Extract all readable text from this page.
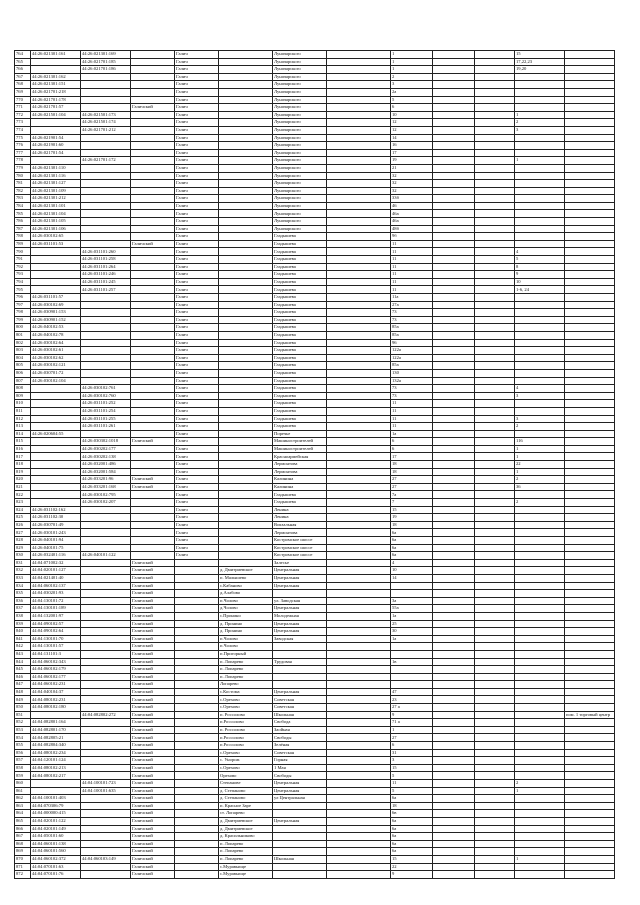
764	44:26:021301:161	44:26:021301:169		Галич		Луначарского		1			15	
765		44:26:021701:185		Галич		Луначарского		1			17,22,23	
766		44:26:021701:186		Галич		Луначарского		1			19,20	
767	44:26:021301:162			Галич		Луначарского		2				
768	44:26:021301:151			Галич		Луначарского		3				
769	44:26:021701:218			Галич		Луначарского		2а				
770	44:26:021701:178			Галич		Луначарского		5				
771	44:26:021701:57		Галичский	Галич		Луначарского		6				
772	44:26:021501:104	44:26:021501:173		Галич		Луначарского		10			1	
773		44:26:021501:174		Галич		Луначарского		12			2	
774		44:26:021701:212		Галич		Луначарского		12			3	
775	44:26:021901:54			Галич		Луначарского		14				
776	44:26:021901:60			Галич		Луначарского		16				
777	44:26:021701:54			Галич		Луначарского		17				
778		44:26:021701:172		Галич		Луначарского		19			1	
779	44:26:021301:110			Галич		Луначарского		21				
780	44:26:021301:116			Галич		Луначарского		32				
781	44:26:021301:127			Галич		Луначарского		32				
782	44:26:021301:109			Галич		Луначарского		32				
783	44:26:021301:212			Галич		Луначарского		33б				
784	44:26:021301:101			Галич		Луначарского		46				
785	44:26:021301:104			Галич		Луначарского		46а				
786	44:26:021301:105			Галич		Луначарского		46а				
787	44:26:021301:106			Галич		Луначарского		48б				
788	44:26:030102:65			Галич		Гладышева		9б				
789	44:26:031101:53		Галичский	Галич		Гладышева		11				
790		44:26:031101:260		Галич		Гладышева		11			4	
791		44:26:031101:258		Галич		Гладышева		11			5	
792		44:26:031101:264		Галич		Гладышева		11			8	
793		44:26:031101:246		Галич		Гладышева		11			9	
794		44:26:031101:245		Галич		Гладышева		11			10	
795		44:26:031101:257		Галич		Гладышева		11			1-6, 24	
796	44:26:031101:57			Галич		Гладышева		11а				
797	44:26:030102:69			Галич		Гладышева		27а				
798	44:26:030901:153			Галич		Гладышева		73				
799	44:26:030901:152			Галич		Гладышева		73				
800	44:26:040102:53			Галич		Гладышева		85а				
801	44:26:040102:78			Галич		Гладышева		85а				
802	44:26:030102:64			Галич		Гладышева		96				
803	44:26:030102:61			Галич		Гладышева		122а				
804	44:26:030102:62			Галич		Гладышева		122а				
805	44:26:030102:121			Галич		Гладышева		85а				
806	44:26:030701:72			Галич		Гладышева		130				
807	44:26:030102:104			Галич		Гладышева		132а				
808		44:26:030102:761		Галич		Гладышева		73			4	
809		44:26:030102:760		Галич		Гладышева		73			3	
810		44:26:031101:252		Галич		Гладышева		11				
811		44:26:031101:254		Галич		Гладышева		11				
812		44:26:031101:255		Галич		Гладышева		11			3	
813		44:26:031101:261		Галич		Гладышева		11			2	
814	44:26:020604:55			Галич		Поречье		1а				
815		44:26:030302:1018	Галичский	Галич		Машиностроителей		6			116	
816		44:26:030202:177		Галич		Машиностроителей		6			1	
817		44:26:030202:138		Галич		Красноармейская		17			1	
818		44:26:032001:486		Галич		Лермонтова		18			22	
819		44:26:032001:584		Галич		Лермонтова		18			1	
820		44:26:033201:96	Галичский	Галич		Калинина		27			2	
821		44:26:033201:168	Галичский	Галич		Калинина		27			36	
822		44:26:030102:795		Галич		Гладышева		7а				
823		44:26:030102:207		Галич		Гладышева		7			2	
824	44:26:031102:162			Галич		Ленина		15				
825	44:26:031102:30			Галич		Ленина		19				
826	44:26:030701:49			Галич		Вокзальная		18				
827	44:26:030101:243			Галич		Лермонтова		6а				
828	44:26:040101:94			Галич		Костромское шоссе		6а				
829	44:26:040101:75			Галич		Костромское шоссе		6а				
830	44:26:032401:116	44:26:040101:122		Галич		Костромское шоссе		6а				
831	44:04:071002:32		Галичский			Залесье		4				
832	44:04:020101:127		Галичский		д. Дмитриевское	Центральная		10				
833	44:04:021401:40		Галичский		п. Малышево	Центральная		14				
834	44:04:060102:137		Галичский		с.Кабаново	Центральная						
835	44:04:030201:93		Галичский		д.Алабово							
836	44:04:130101:72		Галичский		п.Чолово	ул. Заводская		3а				
837	44:04:130101:189		Галичский		д.Чолово	Центральная		55а				
838	44:04:132001:97		Галичский		с.Пронино	Молодежная		1а				
839	44:04:090102:57		Галичский		д. Пронино	Центральная		25				
840	44:04:090102:64		Галичский		д. Пронино	Центральная		30				
841	44:04:130101:70		Галичский		п.Чолово	Заводская		1а				
842	44:04:130101:57		Галичский		п.Чолово							
843	44:04:131101:3		Галичский		п.Пригорный							
844	44:04:060102:343		Галичский		п. Лопарево	Трудовая		1в				
845	44:04:060102:179		Галичский		п. Лопарево							
846	44:04:060102:177		Галичский		п. Лопарево							
847	44:04:060102:231		Галичский		Лопарево							
848	44:04:040104:37		Галичский		с.Костома	Центральная		47				
849	44:04:080102:231		Галичский		с.Ореховo	Советская		23				
850	44:04:080102:180		Галичский		с.Орехово	Советская		27 а				
851		44:04:082802:272	Галичский		п. Россолово	Школьная		9				пом. 1 торговый центр
852	44:04:082801:164		Галичский		п.Россолово	Свобода		71 а				
853	44:04:082801:170		Галичский		п. Россолово	Заойная		1				
854	44:04:082805:21		Галичский		п.Россолово	Свободы		27				
855	44:04:082804:340		Галичский		п.Россолово	Зелёная		6				
856	44:04:080102:234		Галичский		с.Орехово	Советская		31				
857	44:04:120101:124		Галичский		с. Унорож	Горная		3				
858	44:04:080102:213		Галичский		с.Орехово	1 Мая		15				
859	44:04:080102:217		Галичский		Орехово	Свободы		5				
860		44:04:100101:723	Галичский		Степанове	Центральная		11			2	
861		44:04:100101:635	Галичский		д. Степаново	Центральная		5			1	
862	44:04:100101:403		Галичский		д. Степаново	ул Центральная		6а				
863	44:04:070306:79		Галичский		п. Красное Заре			18				
864	44:04:000000:415		Галичский		ст. Лопарево			6в				
865	44:04:020101:122		Галичский		д. Дмитриевское	Центральная		6а				
866	44:04:020101:149		Галичский		д. Дмитриевское			6а				
867	44:04:050101:60		Галичский		д. Красильниково			6а				
868	44:04:060101:138		Галичский		п. Лопарево			6а				
869	44:04:060101:560		Галичский		п. Лопарево			6а				
870	44:04:060102:372	44:04:060103:149	Галичский		п. Лопарево	Школьная		15			1	
871	44:04:070101:63		Галичский		с.Муравьище			22				
872	44:04:070101:76		Галичский		с.Муравьище			9				
